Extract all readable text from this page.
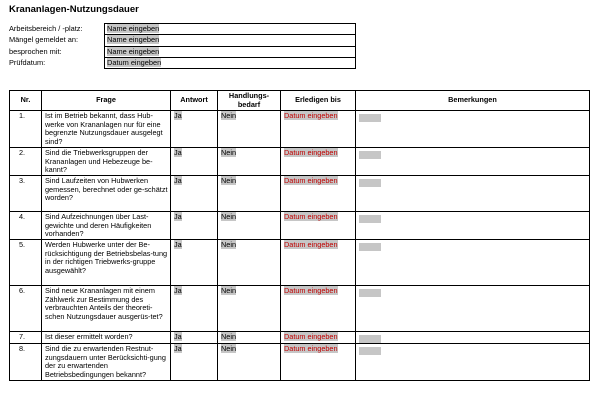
Krananlagen-Nutzungsdauer
Arbeitsbereich / -platz:	Name eingeben
Mängel gemeldet an:	Name eingeben
besprochen mit:	Name eingeben
Prüfdatum:	Datum eingeben
Nr.	Frage	Antwort	Handlungs-bedarf	Erledigen bis	Bemerkungen
1.	Ist im Betrieb bekannt, dass Hub-werke von Krananlagen nur für eine begrenzte Nutzungsdauer ausgelegt sind?	Ja	Nein	Datum eingeben	
2.	Sind die Triebwerksgruppen der Krananlagen und Hebezeuge be-kannt?	Ja	Nein	Datum eingeben	
3.	Sind Laufzeiten von Hubwerken gemessen, berechnet oder ge-schätzt worden?	Ja	Nein	Datum eingeben	
4.	Sind Aufzeichnungen über Last-gewichte und deren Häufigkeiten vorhanden?	Ja	Nein	Datum eingeben	
5.	Werden Hubwerke unter der Be-rücksichtigung der Betriebsbelas-tung in der richtigen Triebwerks-gruppe ausgewählt?	Ja	Nein	Datum eingeben	
6.	Sind neue Krananlagen mit einem Zählwerk zur Bestimmung des verbrauchten Anteils der theoreti-schen Nutzungsdauer ausgerüs-tet?	Ja	Nein	Datum eingeben	
7.	Ist dieser ermittelt worden?	Ja	Nein	Datum eingeben	
8.	Sind die zu erwartenden Restnut-zungsdauern unter Berücksichti-gung der zu erwartenden Betriebsbedingungen bekannt?	Ja	Nein	Datum eingeben	
